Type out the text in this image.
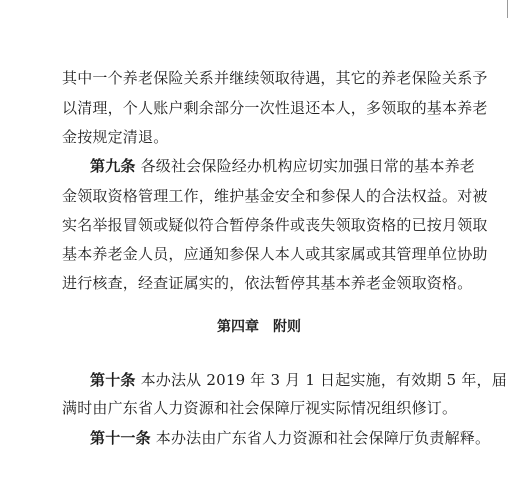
其中一个养老保险关系并继续领取待遇，其它的养老保险关系予
以清理，个人账户剩余部分一次性退还本人，多领取的基本养老
金按规定清退。
第九条 各级社会保险经办机构应切实加强日常的基本养老
金领取资格管理工作，维护基金安全和参保人的合法权益。对被
实名举报冒领或疑似符合暂停条件或丧失领取资格的已按月领取
基本养老金人员，应通知参保人本人或其家属或其管理单位协助
进行核查，经查证属实的，依法暂停其基本养老金领取资格。
第四章　附则
第十条 本办法从 2019 年 3 月 1 日起实施，有效期 5 年，届
满时由广东省人力资源和社会保障厅视实际情况组织修订。
第十一条 本办法由广东省人力资源和社会保障厅负责解释。
